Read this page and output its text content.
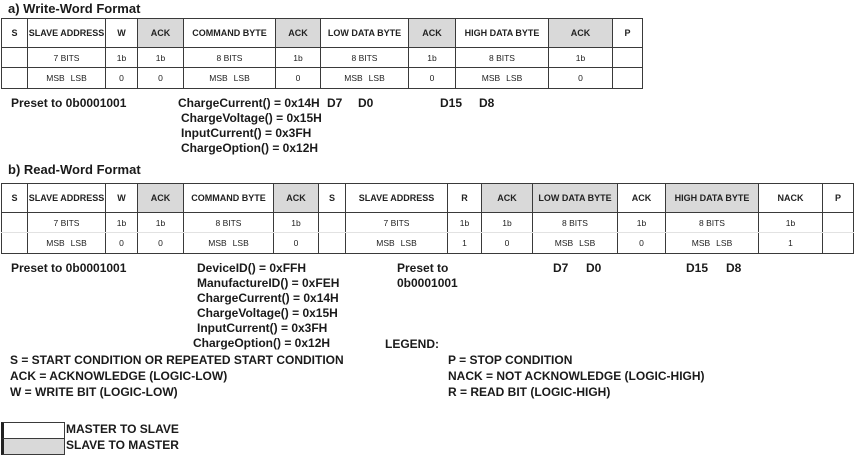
a) Write-Word Format
S	SLAVE ADDRESS	W	ACK	COMMAND BYTE	ACK	LOW DATA BYTE	ACK	HIGH DATA BYTE	ACK	P
	7 BITS	1b	1b	8 BITS	1b	8 BITS	1b	8 BITS	1b	
	MSB LSB	0	0	MSB LSB	0	MSB LSB	0	MSB LSB	0	
Preset to 0b0001001	ChargeCurrent() = 0x14H
ChargeVoltage() = 0x15H
InputCurrent() = 0x3FH
ChargeOption() = 0x12H
D7 D0	D15 D8
b) Read-Word Format
S	SLAVE ADDRESS	W	ACK	COMMAND BYTE	ACK	S	SLAVE ADDRESS	R	ACK	LOW DATA BYTE	ACK	HIGH DATA BYTE	NACK	P
	7 BITS	1b	1b	8 BITS	1b		7 BITS	1b	1b	8 BITS	1b	8 BITS	1b	
	MSB LSB	0	0	MSB LSB	0		MSB LSB	1	0	MSB LSB	0	MSB LSB	1	
Preset to 0b0001001	DeviceID() = 0xFFH
ManufactureID() = 0xFEH
ChargeCurrent() = 0x14H
ChargeVoltage() = 0x15H
InputCurrent() = 0x3FH
ChargeOption() = 0x12H
Preset to
0b0001001
D7 D0	D15 D8
LEGEND:
S = START CONDITION OR REPEATED START CONDITION
ACK = ACKNOWLEDGE (LOGIC-LOW)
W = WRITE BIT (LOGIC-LOW)
P = STOP CONDITION
NACK = NOT ACKNOWLEDGE (LOGIC-HIGH)
R = READ BIT (LOGIC-HIGH)
MASTER TO SLAVE
SLAVE TO MASTER
